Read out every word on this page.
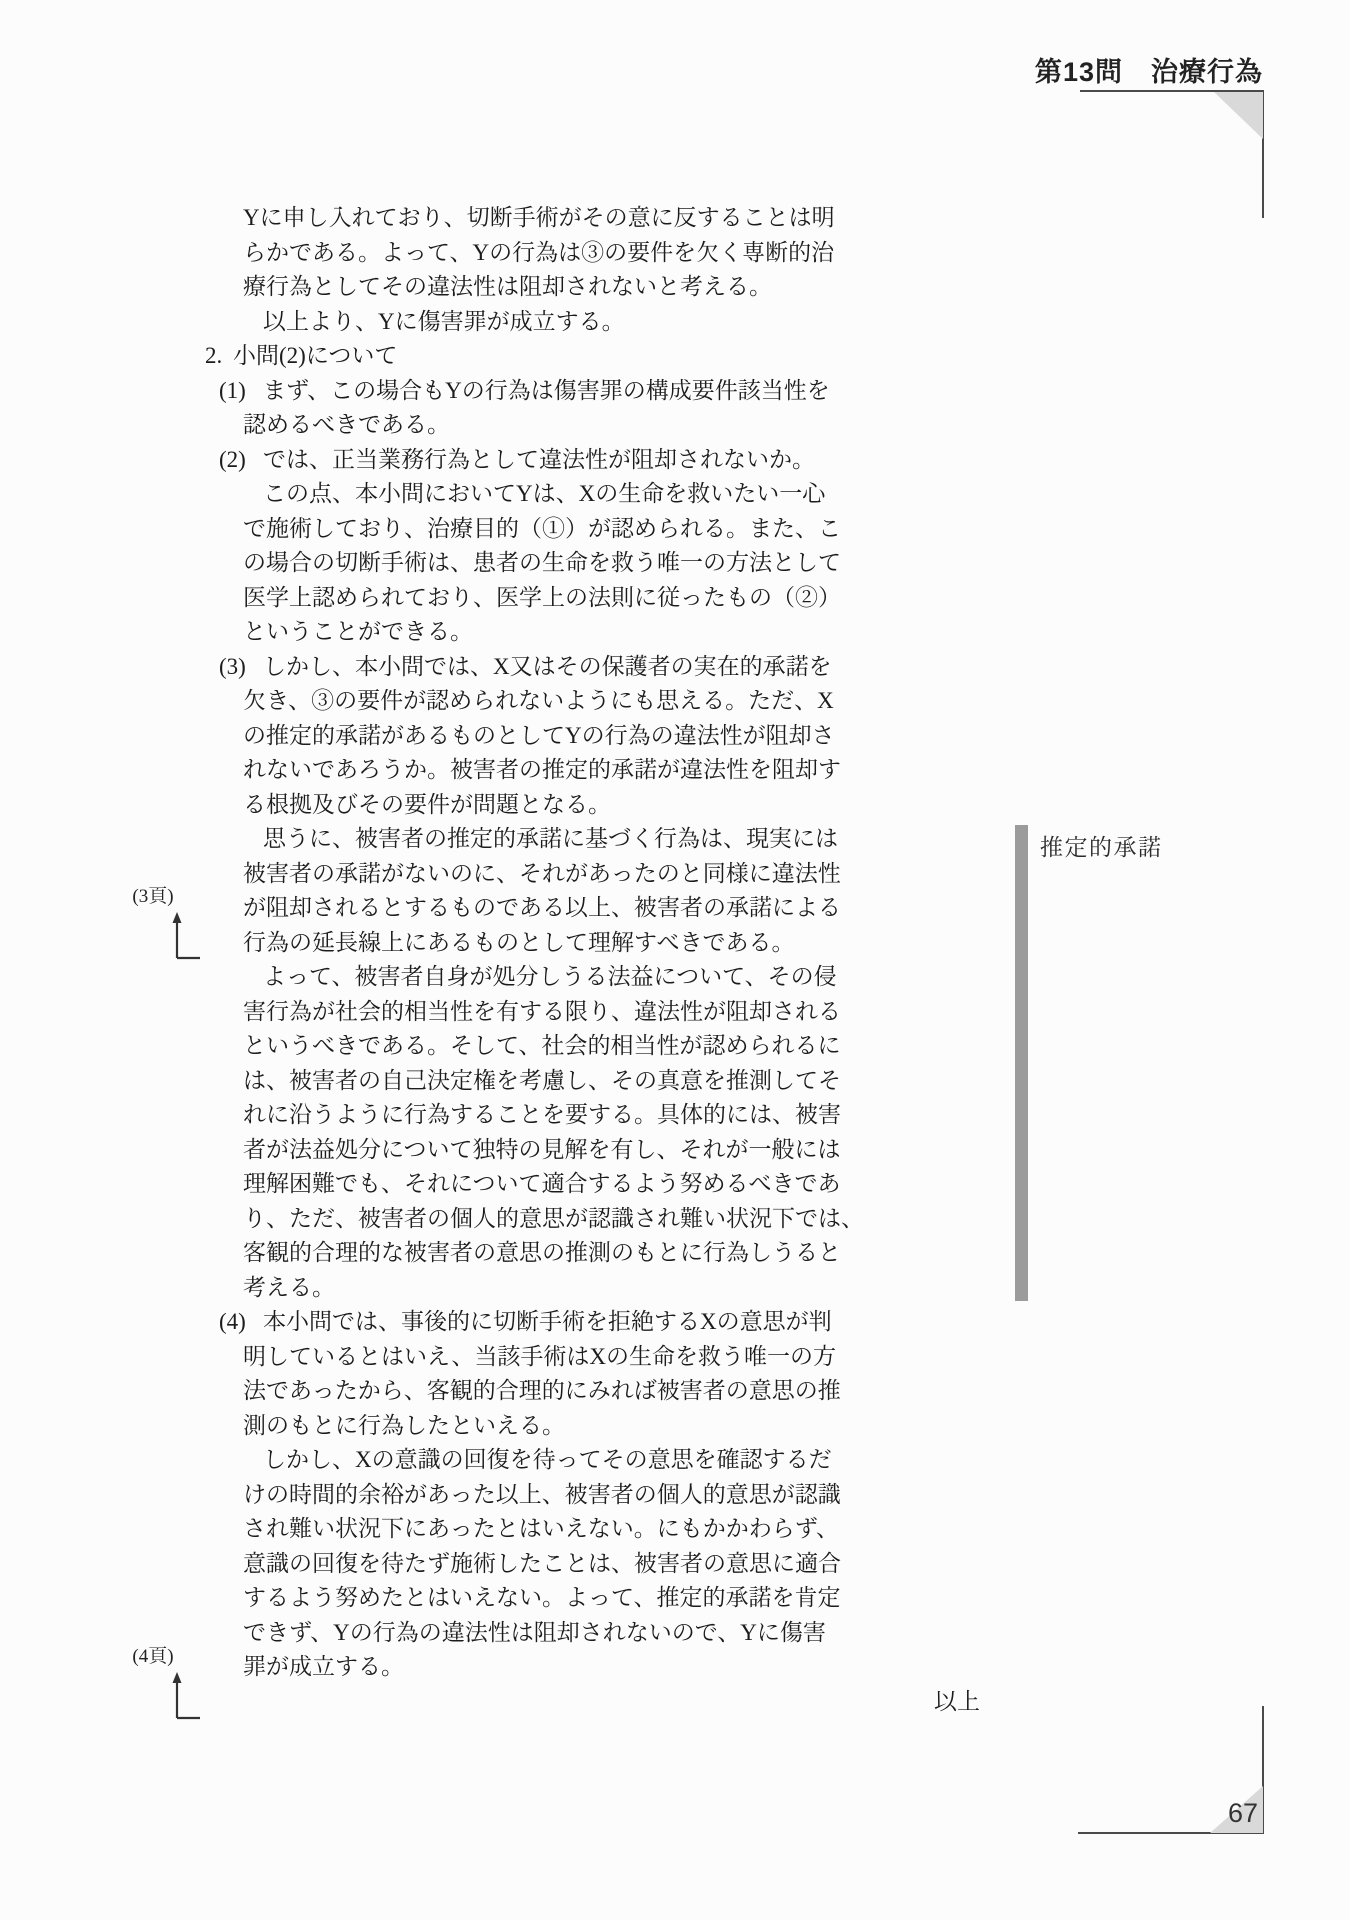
第13問　治療行為
Yに申し入れており、切断手術がその意に反することは明
らかである。よって、Yの行為は③の要件を欠く専断的治
療行為としてその違法性は阻却されないと考える。
以上より、Yに傷害罪が成立する。
2. 小問(2)について
(1) まず、この場合もYの行為は傷害罪の構成要件該当性を
認めるべきである。
(2) では、正当業務行為として違法性が阻却されないか。
この点、本小問においてYは、Xの生命を救いたい一心
で施術しており、治療目的（①）が認められる。また、こ
の場合の切断手術は、患者の生命を救う唯一の方法として
医学上認められており、医学上の法則に従ったもの（②）
ということができる。
(3) しかし、本小問では、X又はその保護者の実在的承諾を
欠き、③の要件が認められないようにも思える。ただ、X
の推定的承諾があるものとしてYの行為の違法性が阻却さ
れないであろうか。被害者の推定的承諾が違法性を阻却す
る根拠及びその要件が問題となる。
思うに、被害者の推定的承諾に基づく行為は、現実には
被害者の承諾がないのに、それがあったのと同様に違法性
が阻却されるとするものである以上、被害者の承諾による
行為の延長線上にあるものとして理解すべきである。
よって、被害者自身が処分しうる法益について、その侵
害行為が社会的相当性を有する限り、違法性が阻却される
というべきである。そして、社会的相当性が認められるに
は、被害者の自己決定権を考慮し、その真意を推測してそ
れに沿うように行為することを要する。具体的には、被害
者が法益処分について独特の見解を有し、それが一般には
理解困難でも、それについて適合するよう努めるべきであ
り、ただ、被害者の個人的意思が認識され難い状況下では、
客観的合理的な被害者の意思の推測のもとに行為しうると
考える。
(4) 本小問では、事後的に切断手術を拒絶するXの意思が判
明しているとはいえ、当該手術はXの生命を救う唯一の方
法であったから、客観的合理的にみれば被害者の意思の推
測のもとに行為したといえる。
しかし、Xの意識の回復を待ってその意思を確認するだ
けの時間的余裕があった以上、被害者の個人的意思が認識
され難い状況下にあったとはいえない。にもかかわらず、
意識の回復を待たず施術したことは、被害者の意思に適合
するよう努めたとはいえない。よって、推定的承諾を肯定
できず、Yの行為の違法性は阻却されないので、Yに傷害
罪が成立する。
以上
(3頁)
(4頁)
推定的承諾
67
